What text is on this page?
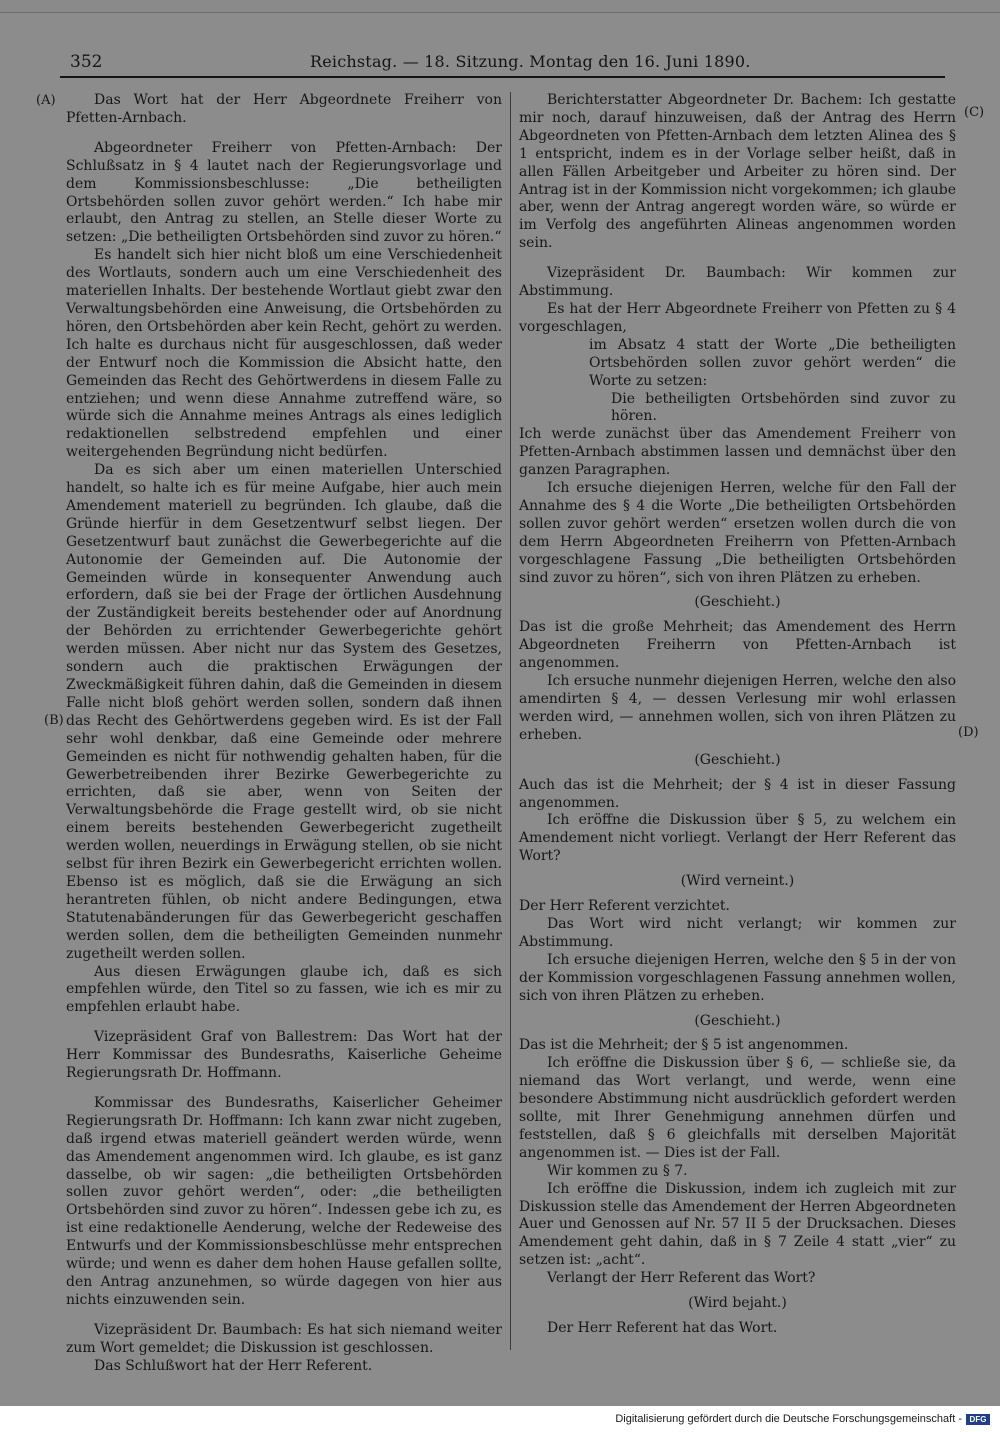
352	Reichstag. — 18. Sitzung. Montag den 16. Juni 1890.
(A)
(B)
(C)
(D)

Das Wort hat der Herr Abgeordnete Freiherr von Pfetten-Arnbach.

Abgeordneter Freiherr von Pfetten-Arnbach: Der Schlußsatz in § 4 lautet nach der Regierungsvorlage und dem Kommissionsbeschlusse: „Die betheiligten Ortsbehörden sollen zuvor gehört werden.“ Ich habe mir erlaubt, den Antrag zu stellen, an Stelle dieser Worte zu setzen: „Die betheiligten Ortsbehörden sind zuvor zu hören.“

Es handelt sich hier nicht bloß um eine Verschiedenheit des Wortlauts, sondern auch um eine Verschiedenheit des materiellen Inhalts. Der bestehende Wortlaut giebt zwar den Verwaltungsbehörden eine Anweisung, die Ortsbehörden zu hören, den Ortsbehörden aber kein Recht, gehört zu werden. Ich halte es durchaus nicht für ausgeschlossen, daß weder der Entwurf noch die Kommission die Absicht hatte, den Gemeinden das Recht des Gehörtwerdens in diesem Falle zu entziehen; und wenn diese Annahme zutreffend wäre, so würde sich die Annahme meines Antrags als eines lediglich redaktionellen selbstredend empfehlen und einer weitergehenden Begründung nicht bedürfen.

Da es sich aber um einen materiellen Unterschied handelt, so halte ich es für meine Aufgabe, hier auch mein Amendement materiell zu begründen. Ich glaube, daß die Gründe hierfür in dem Gesetzentwurf selbst liegen. Der Gesetzentwurf baut zunächst die Gewerbegerichte auf die Autonomie der Gemeinden auf. Die Autonomie der Gemeinden würde in konsequenter Anwendung auch erfordern, daß sie bei der Frage der örtlichen Ausdehnung der Zuständigkeit bereits bestehender oder auf Anordnung der Behörden zu errichtender Gewerbegerichte gehört werden müssen. Aber nicht nur das System des Gesetzes, sondern auch die praktischen Erwägungen der Zweckmäßigkeit führen dahin, daß die Gemeinden in diesem Falle nicht bloß gehört werden sollen, sondern daß ihnen das Recht des Gehörtwerdens gegeben wird. Es ist der Fall sehr wohl denkbar, daß eine Gemeinde oder mehrere Gemeinden es nicht für nothwendig gehalten haben, für die Gewerbetreibenden ihrer Bezirke Gewerbegerichte zu errichten, daß sie aber, wenn von Seiten der Verwaltungsbehörde die Frage gestellt wird, ob sie nicht einem bereits bestehenden Gewerbegericht zugetheilt werden wollen, neuerdings in Erwägung stellen, ob sie nicht selbst für ihren Bezirk ein Gewerbegericht errichten wollen. Ebenso ist es möglich, daß sie die Erwägung an sich herantreten fühlen, ob nicht andere Bedingungen, etwa Statutenabänderungen für das Gewerbegericht geschaffen werden sollen, dem die betheiligten Gemeinden nunmehr zugetheilt werden sollen.

Aus diesen Erwägungen glaube ich, daß es sich empfehlen würde, den Titel so zu fassen, wie ich es mir zu empfehlen erlaubt habe.

Vizepräsident Graf von Ballestrem: Das Wort hat der Herr Kommissar des Bundesraths, Kaiserliche Geheime Regierungsrath Dr. Hoffmann.

Kommissar des Bundesraths, Kaiserlicher Geheimer Regierungsrath Dr. Hoffmann: Ich kann zwar nicht zugeben, daß irgend etwas materiell geändert werden würde, wenn das Amendement angenommen wird. Ich glaube, es ist ganz dasselbe, ob wir sagen: „die betheiligten Ortsbehörden sollen zuvor gehört werden“, oder: „die betheiligten Ortsbehörden sind zuvor zu hören“. Indessen gebe ich zu, es ist eine redaktionelle Aenderung, welche der Redeweise des Entwurfs und der Kommissionsbeschlüsse mehr entsprechen würde; und wenn es daher dem hohen Hause gefallen sollte, den Antrag anzunehmen, so würde dagegen von hier aus nichts einzuwenden sein.

Vizepräsident Dr. Baumbach: Es hat sich niemand weiter zum Wort gemeldet; die Diskussion ist geschlossen.

Das Schlußwort hat der Herr Referent.

Berichterstatter Abgeordneter Dr. Bachem: Ich gestatte mir noch, darauf hinzuweisen, daß der Antrag des Herrn Abgeordneten von Pfetten-Arnbach dem letzten Alinea des § 1 entspricht, indem es in der Vorlage selber heißt, daß in allen Fällen Arbeitgeber und Arbeiter zu hören sind. Der Antrag ist in der Kommission nicht vorgekommen; ich glaube aber, wenn der Antrag angeregt worden wäre, so würde er im Verfolg des angeführten Alineas angenommen worden sein.

Vizepräsident Dr. Baumbach: Wir kommen zur Abstimmung.

Es hat der Herr Abgeordnete Freiherr von Pfetten zu § 4 vorgeschlagen,

im Absatz 4 statt der Worte „Die betheiligten Ortsbehörden sollen zuvor gehört werden“ die Worte zu setzen:

Die betheiligten Ortsbehörden sind zuvor zu hören.

Ich werde zunächst über das Amendement Freiherr von Pfetten-Arnbach abstimmen lassen und demnächst über den ganzen Paragraphen.

Ich ersuche diejenigen Herren, welche für den Fall der Annahme des § 4 die Worte „Die betheiligten Ortsbehörden sollen zuvor gehört werden“ ersetzen wollen durch die von dem Herrn Abgeordneten Freiherrn von Pfetten-Arnbach vorgeschlagene Fassung „Die betheiligten Ortsbehörden sind zuvor zu hören“, sich von ihren Plätzen zu erheben.

(Geschieht.)

Das ist die große Mehrheit; das Amendement des Herrn Abgeordneten Freiherrn von Pfetten-Arnbach ist angenommen.

Ich ersuche nunmehr diejenigen Herren, welche den also amendirten § 4, — dessen Verlesung mir wohl erlassen werden wird, — annehmen wollen, sich von ihren Plätzen zu erheben.

(Geschieht.)

Auch das ist die Mehrheit; der § 4 ist in dieser Fassung angenommen.

Ich eröffne die Diskussion über § 5, zu welchem ein Amendement nicht vorliegt. Verlangt der Herr Referent das Wort?

(Wird verneint.)

Der Herr Referent verzichtet.

Das Wort wird nicht verlangt; wir kommen zur Abstimmung.

Ich ersuche diejenigen Herren, welche den § 5 in der von der Kommission vorgeschlagenen Fassung annehmen wollen, sich von ihren Plätzen zu erheben.

(Geschieht.)

Das ist die Mehrheit; der § 5 ist angenommen.

Ich eröffne die Diskussion über § 6, — schließe sie, da niemand das Wort verlangt, und werde, wenn eine besondere Abstimmung nicht ausdrücklich gefordert werden sollte, mit Ihrer Genehmigung annehmen dürfen und feststellen, daß § 6 gleichfalls mit derselben Majorität angenommen ist. — Dies ist der Fall.

Wir kommen zu § 7.

Ich eröffne die Diskussion, indem ich zugleich mit zur Diskussion stelle das Amendement der Herren Abgeordneten Auer und Genossen auf Nr. 57 II 5 der Drucksachen. Dieses Amendement geht dahin, daß in § 7 Zeile 4 statt „vier“ zu setzen ist: „acht“.

Verlangt der Herr Referent das Wort?

(Wird bejaht.)

Der Herr Referent hat das Wort.

Digitalisierung gefördert durch die Deutsche Forschungsgemeinschaft - DFG
